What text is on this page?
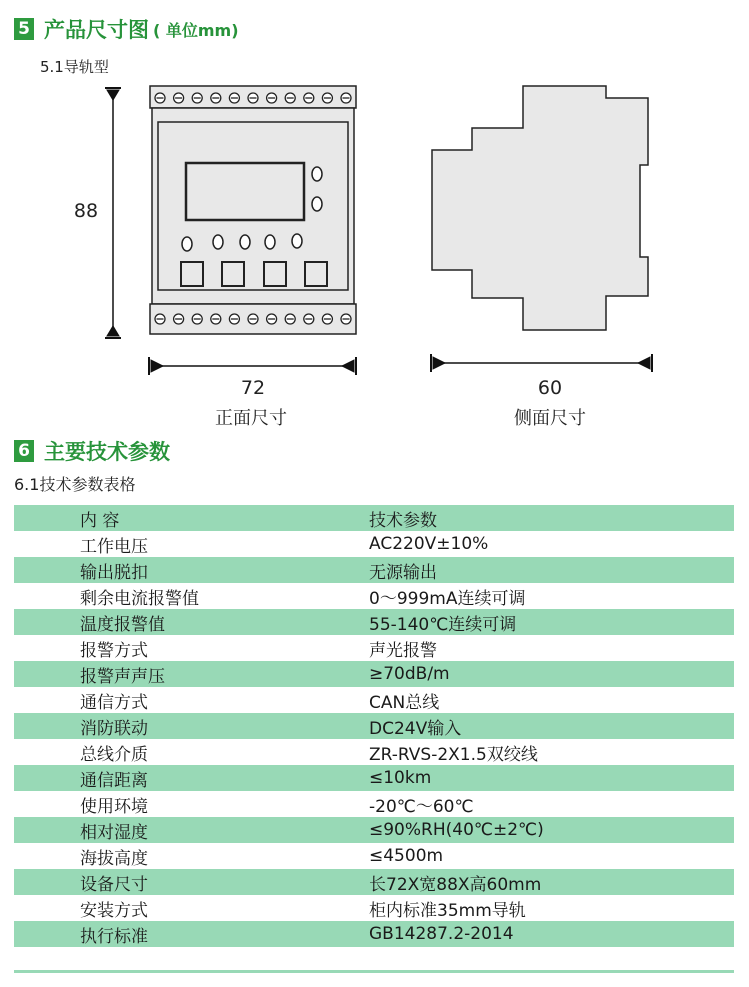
5 产品尺寸图 ( 单位mm)
5.1导轨型
88
72
正面尺寸
60
侧面尺寸
6 主要技术参数
6.1技术参数表格
内 容	技术参数
工作电压	AC220V±10%
输出脱扣	无源输出
剩余电流报警值	0～999mA连续可调
温度报警值	55-140℃连续可调
报警方式	声光报警
报警声声压	≥70dB/m
通信方式	CAN总线
消防联动	DC24V输入
总线介质	ZR-RVS-2X1.5双绞线
通信距离	≤10km
使用环境	-20℃～60℃
相对湿度	≤90%RH(40℃±2℃)
海拔高度	≤4500m
设备尺寸	长72X宽88X高60mm
安装方式	柜内标准35mm导轨
执行标准	GB14287.2-2014
